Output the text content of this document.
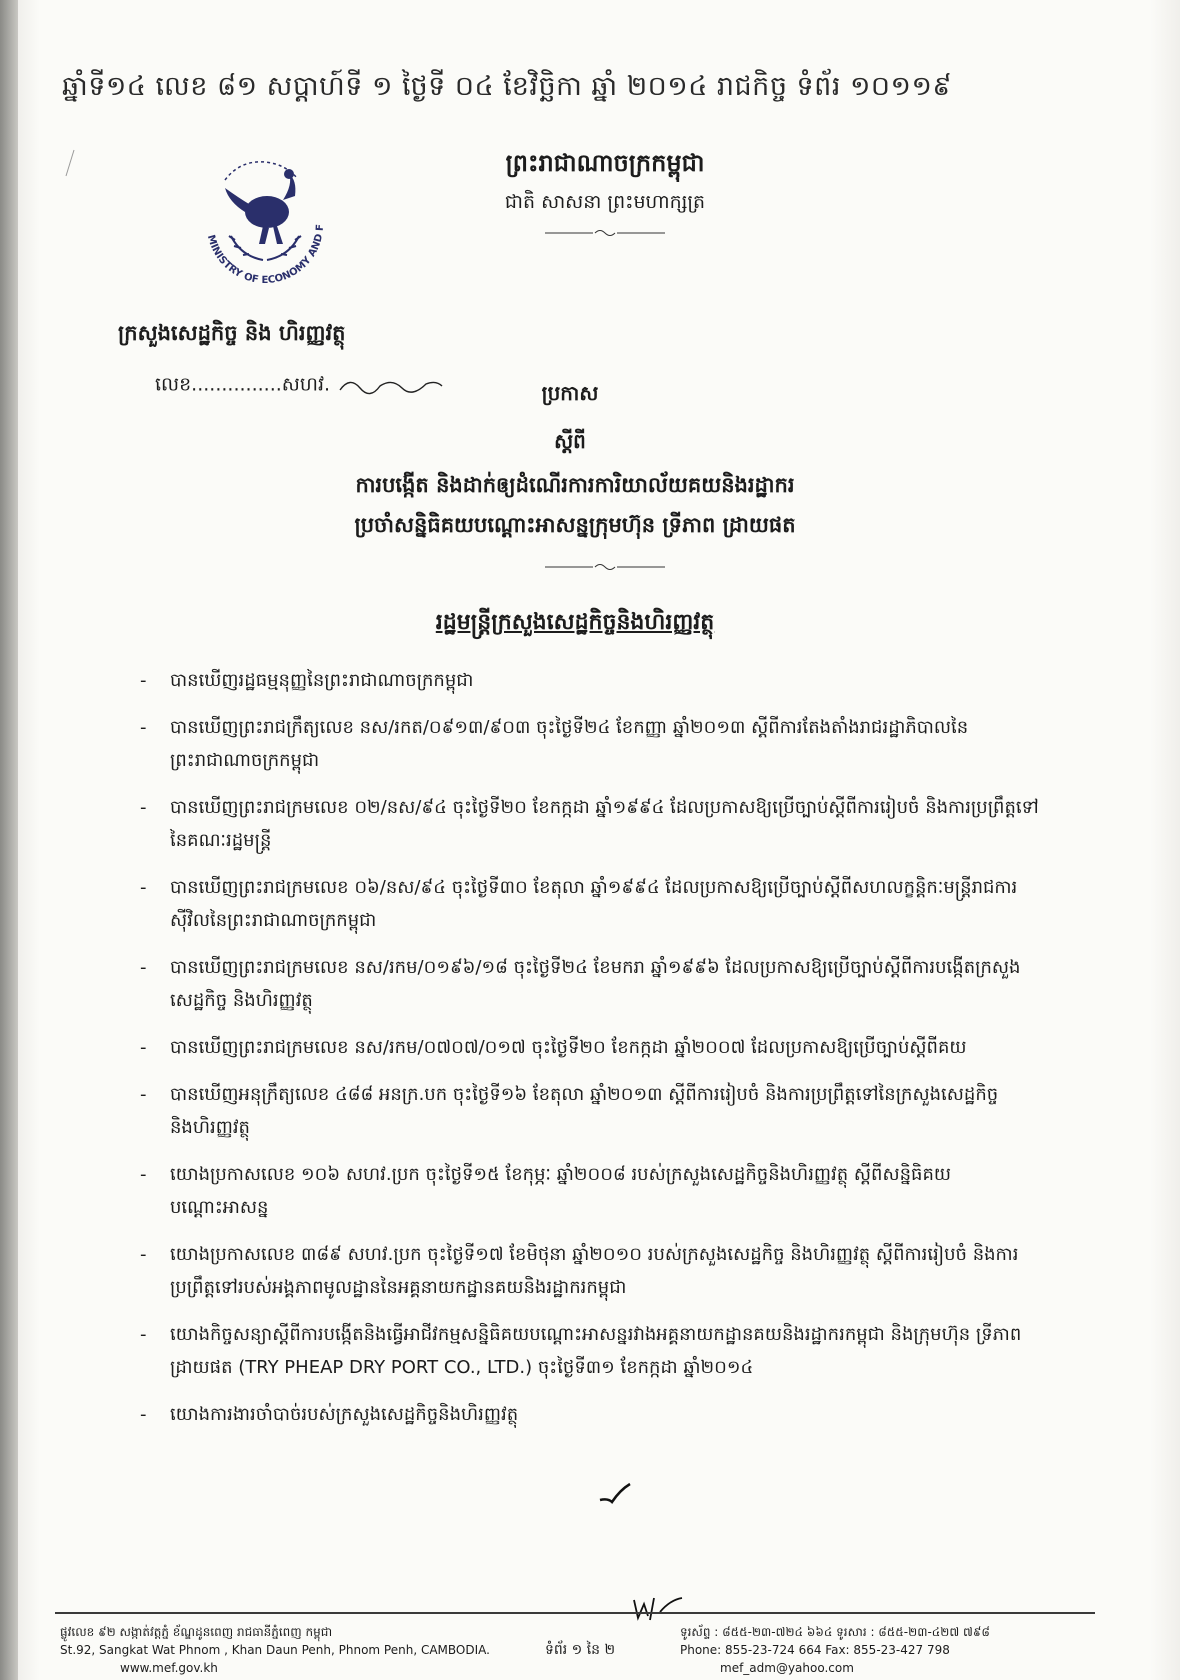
ឆ្នាំទី១៤ លេខ ៨១ សប្ដាហ៍ទី ១ ថ្ងៃទី ០៤ ខែវិច្ឆិកា ឆ្នាំ ២០១៤ រាជកិច្ច ទំព័រ ១០១១៩
MINISTRY OF ECONOMY AND F
ក្រសួងសេដ្ឋកិច្ច និង ហិរញ្ញវត្ថុ
លេខ...............សហវ.
ព្រះរាជាណាចក្រកម្ពុជា
ជាតិ សាសនា ព្រះមហាក្សត្រ
ប្រកាស
ស្ដីពី
ការបង្កើត និងដាក់ឲ្យដំណើរការការិយាល័យគយនិងរដ្ឋាករ
ប្រចាំសន្និធិគយបណ្ដោះអាសន្នក្រុមហ៊ុន ទ្រីភាព ដ្រាយផត
រដ្ឋមន្ត្រីក្រសួងសេដ្ឋកិច្ចនិងហិរញ្ញវត្ថុ
-	បានឃើញរដ្ឋធម្មនុញ្ញនៃព្រះរាជាណាចក្រកម្ពុជា
-	បានឃើញព្រះរាជក្រឹត្យលេខ នស/រកត/០៩១៣/៩០៣ ចុះថ្ងៃទី២៤ ខែកញ្ញា ឆ្នាំ២០១៣ ស្ដីពីការតែងតាំងរាជរដ្ឋាភិបាលនៃព្រះរាជាណាចក្រកម្ពុជា
-	បានឃើញព្រះរាជក្រមលេខ ០២/នស/៩៤ ចុះថ្ងៃទី២០ ខែកក្កដា ឆ្នាំ១៩៩៤ ដែលប្រកាសឱ្យប្រើច្បាប់ស្ដីពីការរៀបចំ និងការប្រព្រឹត្តទៅនៃគណៈរដ្ឋមន្ត្រី
-	បានឃើញព្រះរាជក្រមលេខ ០៦/នស/៩៤ ចុះថ្ងៃទី៣០ ខែតុលា ឆ្នាំ១៩៩៤ ដែលប្រកាសឱ្យប្រើច្បាប់ស្ដីពីសហលក្ខន្តិកៈមន្ត្រីរាជការស៊ីវិលនៃព្រះរាជាណាចក្រកម្ពុជា
-	បានឃើញព្រះរាជក្រមលេខ នស/រកម/០១៩៦/១៨ ចុះថ្ងៃទី២៤ ខែមករា ឆ្នាំ១៩៩៦ ដែលប្រកាសឱ្យប្រើច្បាប់ស្ដីពីការបង្កើតក្រសួងសេដ្ឋកិច្ច និងហិរញ្ញវត្ថុ
-	បានឃើញព្រះរាជក្រមលេខ នស/រកម/០៧០៧/០១៧ ចុះថ្ងៃទី២០ ខែកក្កដា ឆ្នាំ២០០៧ ដែលប្រកាសឱ្យប្រើច្បាប់ស្ដីពីគយ
-	បានឃើញអនុក្រឹត្យលេខ ៤៨៨ អនក្រ.បក ចុះថ្ងៃទី១៦ ខែតុលា ឆ្នាំ២០១៣ ស្ដីពីការរៀបចំ និងការប្រព្រឹត្តទៅនៃក្រសួងសេដ្ឋកិច្ចនិងហិរញ្ញវត្ថុ
-	យោងប្រកាសលេខ ១០៦ សហវ.ប្រក ចុះថ្ងៃទី១៥ ខែកុម្ភៈ ឆ្នាំ២០០៨ របស់ក្រសួងសេដ្ឋកិច្ចនិងហិរញ្ញវត្ថុ ស្ដីពីសន្និធិគយបណ្ដោះអាសន្ន
-	យោងប្រកាសលេខ ៣៨៩ សហវ.ប្រក ចុះថ្ងៃទី១៧ ខែមិថុនា ឆ្នាំ២០១០ របស់ក្រសួងសេដ្ឋកិច្ច និងហិរញ្ញវត្ថុ ស្ដីពីការរៀបចំ និងការប្រព្រឹត្តទៅរបស់អង្គភាពមូលដ្ឋាននៃអគ្គនាយកដ្ឋានគយនិងរដ្ឋាករកម្ពុជា
-	យោងកិច្ចសន្យាស្ដីពីការបង្កើតនិងធ្វើអាជីវកម្មសន្និធិគយបណ្ដោះអាសន្នរវាងអគ្គនាយកដ្ឋានគយនិងរដ្ឋាករកម្ពុជា និងក្រុមហ៊ុន ទ្រីភាព ដ្រាយផត (TRY PHEAP DRY PORT CO., LTD.) ចុះថ្ងៃទី៣១ ខែកក្កដា ឆ្នាំ២០១៤
-	យោងការងារចាំបាច់របស់ក្រសួងសេដ្ឋកិច្ចនិងហិរញ្ញវត្ថុ
ផ្លូវលេខ ៩២ សង្កាត់វត្តភ្នំ ខ័ណ្ឌដូនពេញ រាជធានីភ្នំពេញ កម្ពុជា
St.92, Sangkat Wat Phnom , Khan Daun Penh, Phnom Penh, CAMBODIA.
www.mef.gov.kh
ទំព័រ ១ នៃ ២
ទូរស័ព្ទ : ៨៥៥-២៣-៧២៤ ៦៦៤ ទូរសារ : ៨៥៥-២៣-៤២៧ ៧៩៨
Phone: 855-23-724 664 Fax: 855-23-427 798
mef_adm@yahoo.com
